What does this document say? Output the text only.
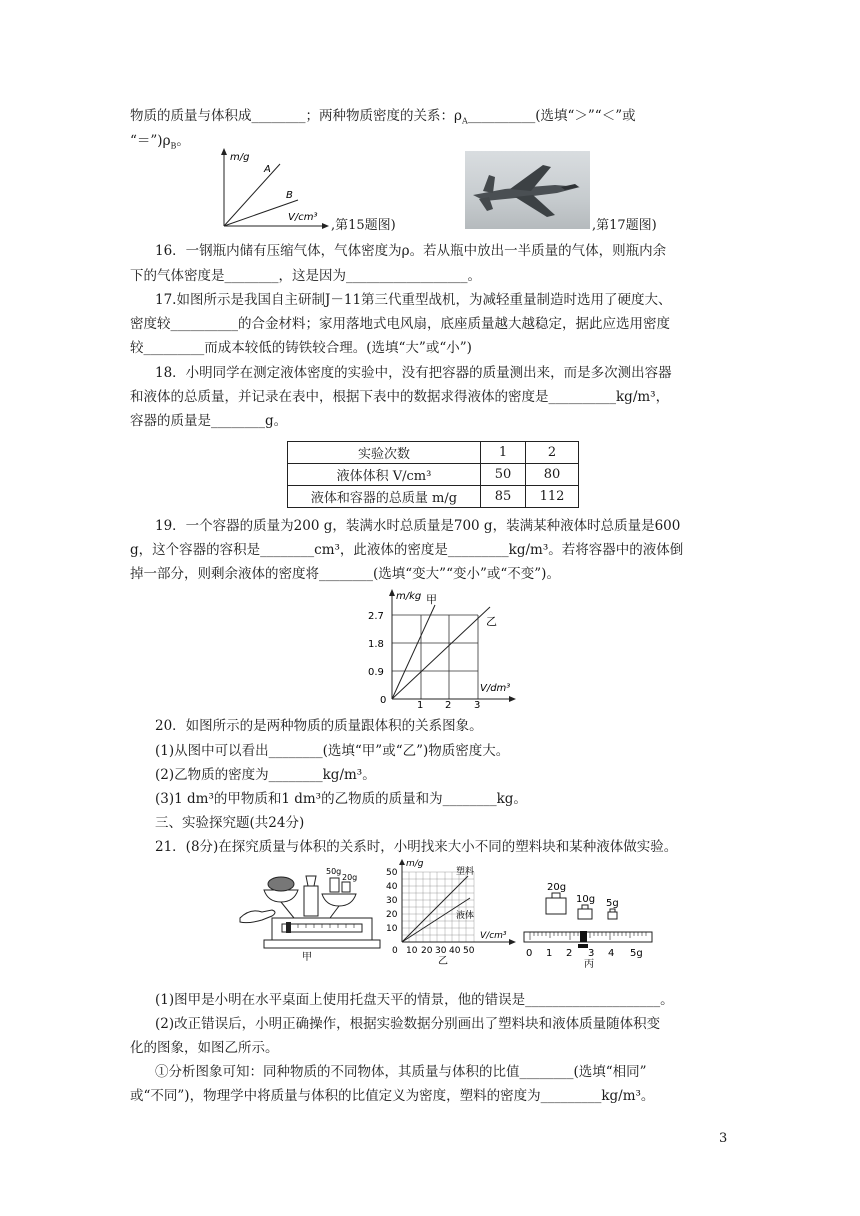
物质的质量与体积成________；两种物质密度的关系：$\rho_A\_\_\_\_\_\_\_\_\_\_$(选填“＞”“＜”或
“$=”)\rho_B$。
m/g
A
B
V/cm³
,第15题图)	,第17题图)
16．一钢瓶内储有压缩气体，气体密度为ρ。若从瓶中放出一半质量的气体，则瓶内余
下的气体密度是________，这是因为__________________。
17.如图所示是我国自主研制J－11第三代重型战机，为减轻重量制造时选用了硬度大、
密度较__________的合金材料；家用落地式电风扇，底座质量越大越稳定，据此应选用密度
较_________而成本较低的铸铁较合理。(选填“大”或“小”)
18．小明同学在测定液体密度的实验中，没有把容器的质量测出来，而是多次测出容器
和液体的总质量，并记录在表中，根据下表中的数据求得液体的密度是__________kg/m³，
容器的质量是________g。
实验次数	1	2
液体体积 V/cm³	50	80
液体和容器的总质量 m/g	85	112
19．一个容器的质量为200 g，装满水时总质量是700 g，装满某种液体时总质量是600
g，这个容器的容积是________cm³，此液体的密度是_________kg/m³。若将容器中的液体倒
掉一部分，则剩余液体的密度将________(选填“变大”“变小”或“不变”)。
m/kg 甲
乙
2.7
1.8
0.9
0	1 2 3
V/dm³
20．如图所示的是两种物质的质量跟体积的关系图象。
(1)从图中可以看出________(选填“甲”或“乙”)物质密度大。
(2)乙物质的密度为________kg/m³。
(3)1 dm³的甲物质和1 dm³的乙物质的质量和为________kg。
三、实验探究题(共24分)
21．(8分)在探究质量与体积的关系时，小明找来大小不同的塑料块和某种液体做实验。
50g
20g
甲
m/g
塑料
液体
50
40
30
20
10
0 10 20 30 40 50
V/cm³
乙
20g
10g 5g
0 1 2 3 4 5g
丙
(1)图甲是小明在水平桌面上使用托盘天平的情景，他的错误是____________________。
(2)改正错误后，小明正确操作，根据实验数据分别画出了塑料块和液体质量随体积变
化的图象，如图乙所示。
①分析图象可知：同种物质的不同物体，其质量与体积的比值________(选填“相同”
或“不同”)，物理学中将质量与体积的比值定义为密度，塑料的密度为_________kg/m³。
3
